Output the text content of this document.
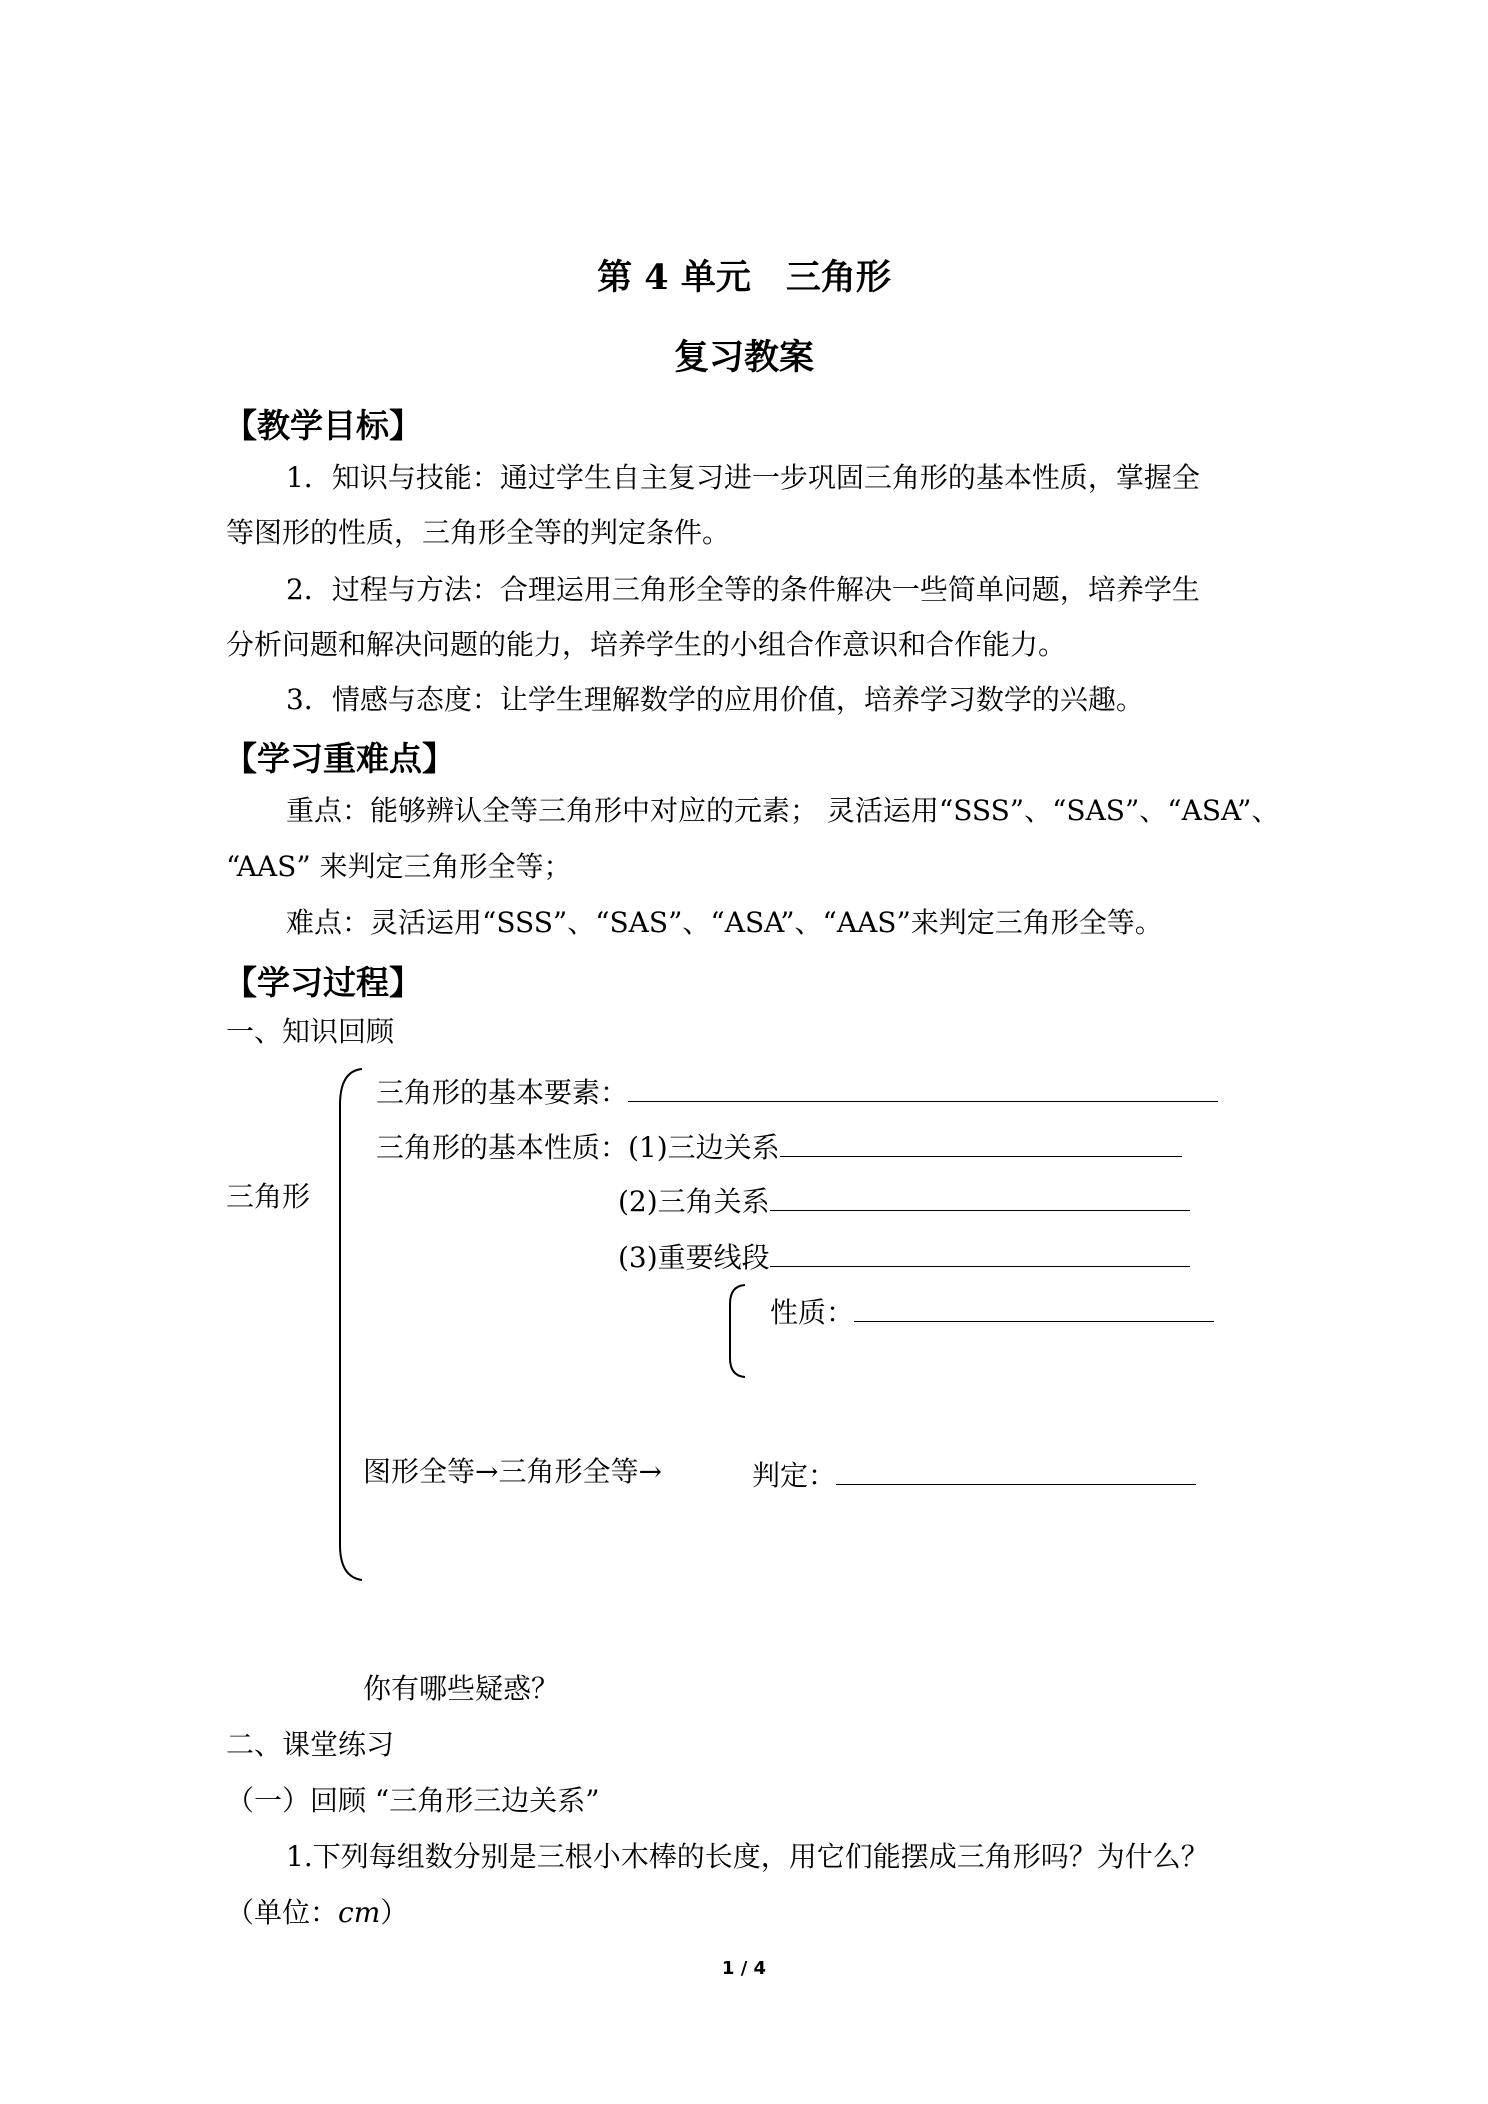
第 4 单元　三角形
复习教案
【教学目标】
1．知识与技能：通过学生自主复习进一步巩固三角形的基本性质，掌握全
等图形的性质，三角形全等的判定条件。
2．过程与方法：合理运用三角形全等的条件解决一些简单问题，培养学生
分析问题和解决问题的能力，培养学生的小组合作意识和合作能力。
3．情感与态度：让学生理解数学的应用价值，培养学习数学的兴趣。
【学习重难点】
重点：能够辨认全等三角形中对应的元素； 灵活运用“SSS”、“SAS”、“ASA”、
“AAS” 来判定三角形全等；
难点：灵活运用“SSS”、“SAS”、“ASA”、“AAS”来判定三角形全等。
【学习过程】
一、知识回顾
三角形
三角形的基本要素：
三角形的基本性质：(1)三边关系
(2)三角关系
(3)重要线段
性质：
图形全等→三角形全等→	判定：
你有哪些疑惑？
二、课堂练习
（一）回顾 “三角形三边关系”
1.下列每组数分别是三根小木棒的长度，用它们能摆成三角形吗？为什么？
（单位：cm）
1 / 4
